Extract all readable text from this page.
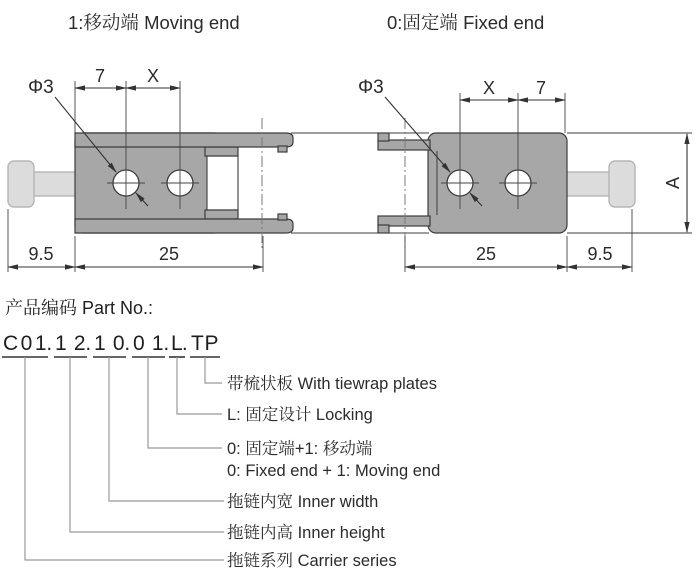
1:移动端 Moving end	0:固定端 Fixed end
7 X
Φ3
9.5	25
X 7
Φ3
25	9.5
A
产品编码 Part No.:
C01 . 12 . 10 . 01 . L
. TP
带梳状板 With tiewrap plates
L: 固定设计 Locking
0: 固定端+1: 移动端
0: Fixed end + 1: Moving end
拖链内宽 Inner width
拖链内高 Inner height
拖链系列 Carrier series
